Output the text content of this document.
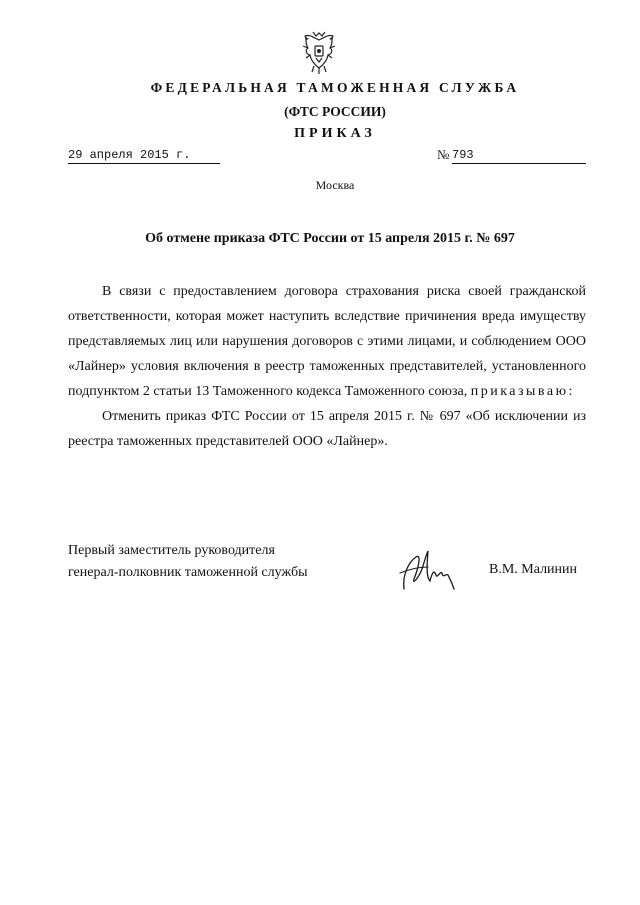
ФЕДЕРАЛЬНАЯ ТАМОЖЕННАЯ СЛУЖБА
(ФТС РОССИИ)
ПРИКАЗ
29 апреля 2015 г.	№ 793
Москва
Об отмене приказа ФТС России от 15 апреля 2015 г. № 697

В связи с предоставлением договора страхования риска своей гражданской ответственности, которая может наступить вследствие причинения вреда имуществу представляемых лиц или нарушения договоров с этими лицами, и соблюдением ООО «Лайнер» условия включения в реестр таможенных представителей, установленного подпунктом 2 статьи 13 Таможенного кодекса Таможенного союза, приказываю:

Отменить приказ ФТС России от 15 апреля 2015 г. № 697 «Об исключении из реестра таможенных представителей ООО «Лайнер».

Первый заместитель руководителя
генерал-полковник таможенной службы	В.М. Малинин
